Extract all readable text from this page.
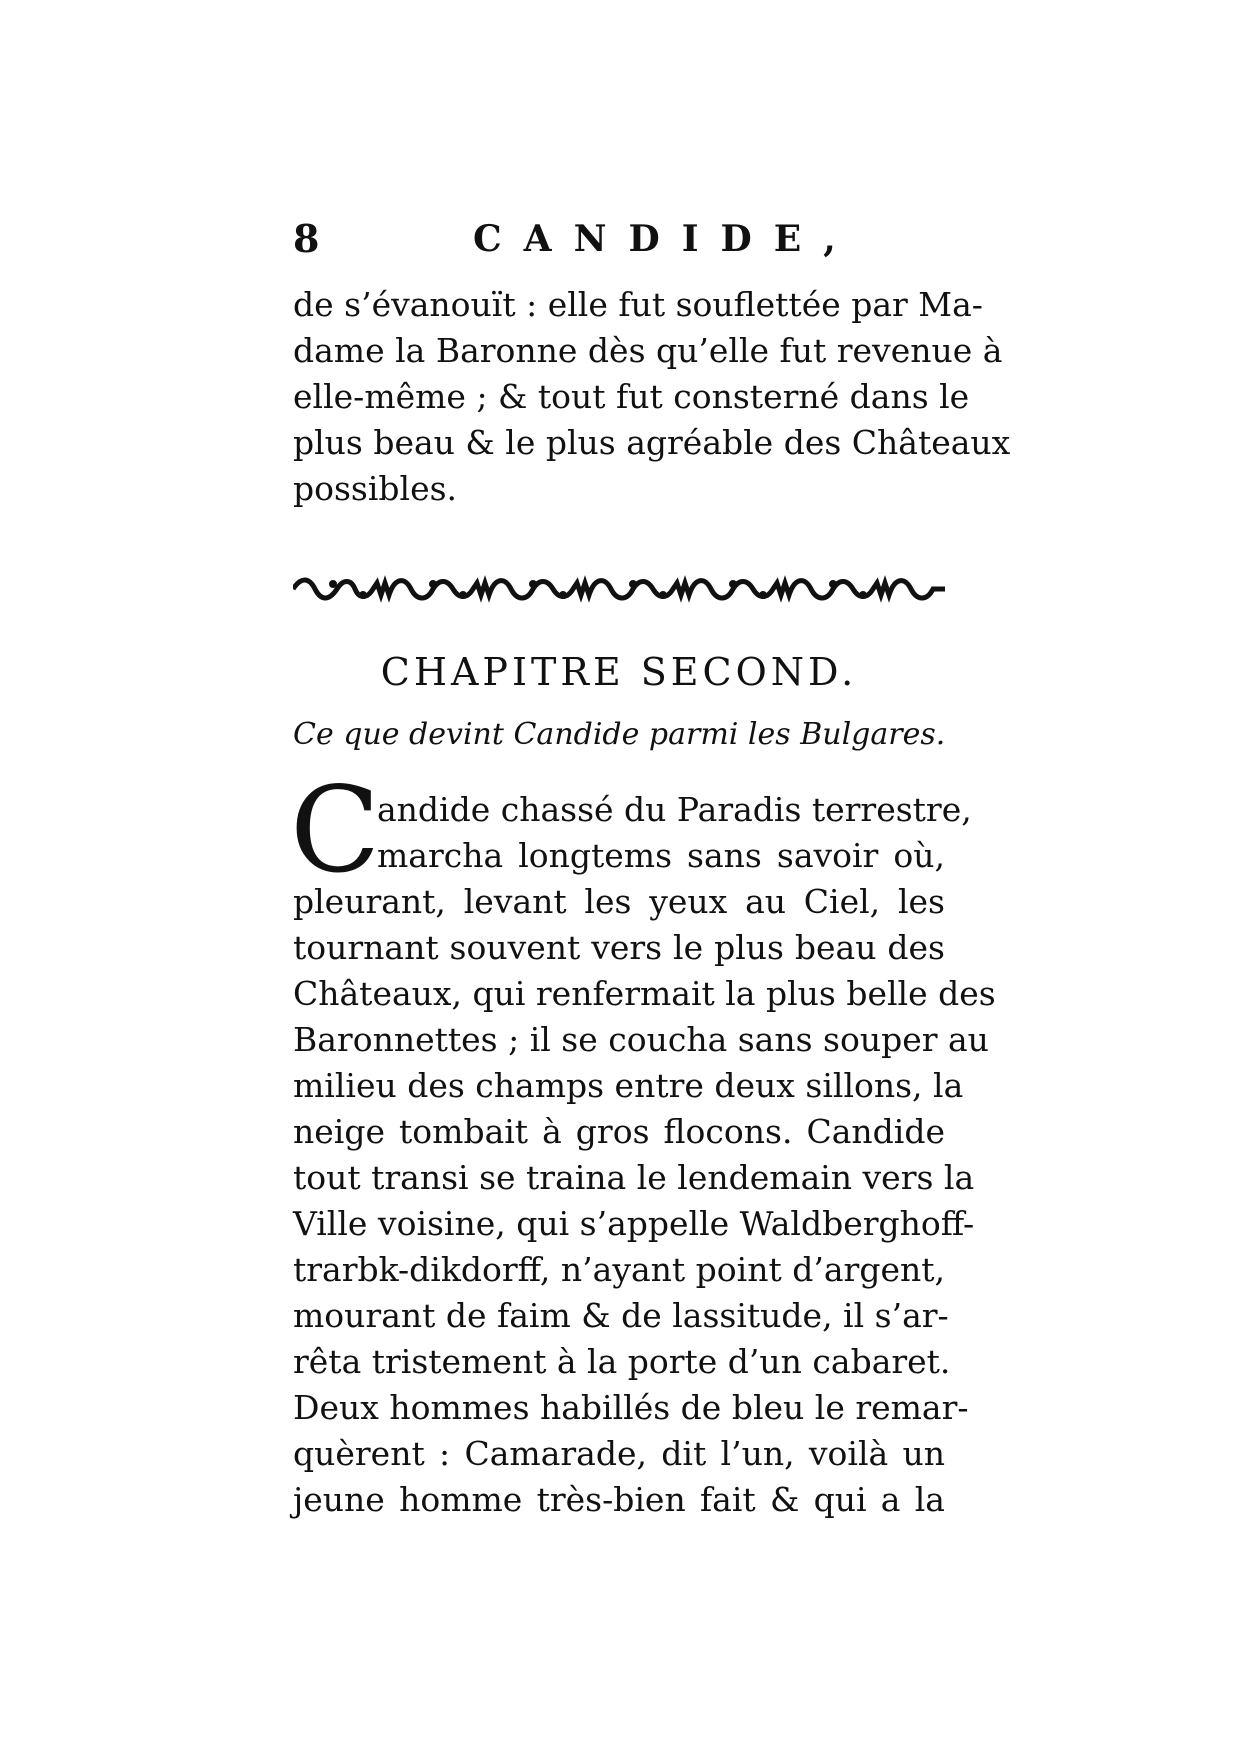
8	CANDIDE,
de s’évanouït : elle fut souflettée par Ma-
dame la Baronne dès qu’elle fut revenue à
elle-même ; & tout fut consterné dans le
plus beau & le plus agréable des Châteaux
possibles.
CHAPITRE SECOND.
Ce que devint Candide parmi les Bulgares.
C
andide chassé du Paradis terrestre,
marcha longtems sans savoir où,
pleurant, levant les yeux au Ciel, les
tournant souvent vers le plus beau des
Châteaux, qui renfermait la plus belle des
Baronnettes ; il se coucha sans souper au
milieu des champs entre deux sillons, la
neige tombait à gros flocons. Candide
tout transi se traina le lendemain vers la
Ville voisine, qui s’appelle Waldberghoff-
trarbk-dikdorff, n’ayant point d’argent,
mourant de faim & de lassitude, il s’ar-
rêta tristement à la porte d’un cabaret.
Deux hommes habillés de bleu le remar-
quèrent : Camarade, dit l’un, voilà un
jeune homme très-bien fait & qui a la
